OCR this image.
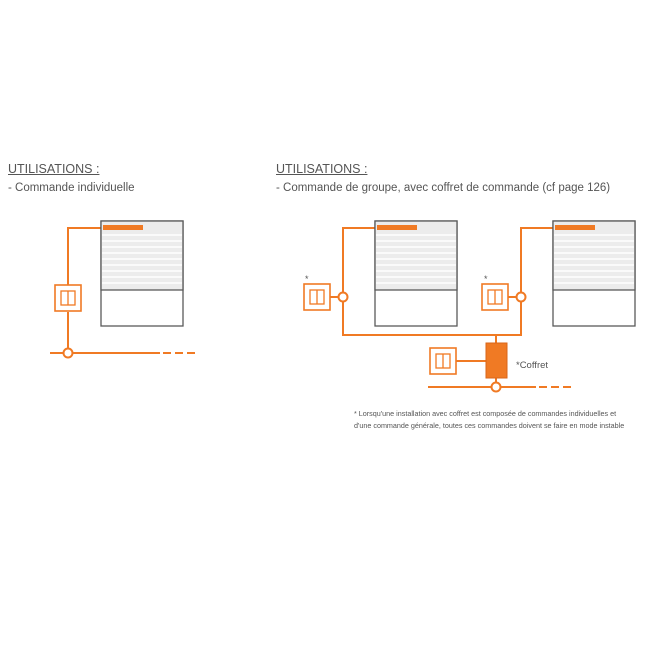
UTILISATIONS :
- Commande individuelle
UTILISATIONS :
- Commande de groupe, avec coffret de commande (cf page 126)
*	*
*Coffret
* Lorsqu'une installation avec coffret est composée de commandes individuelles et
d'une commande générale, toutes ces commandes doivent se faire en mode instable
